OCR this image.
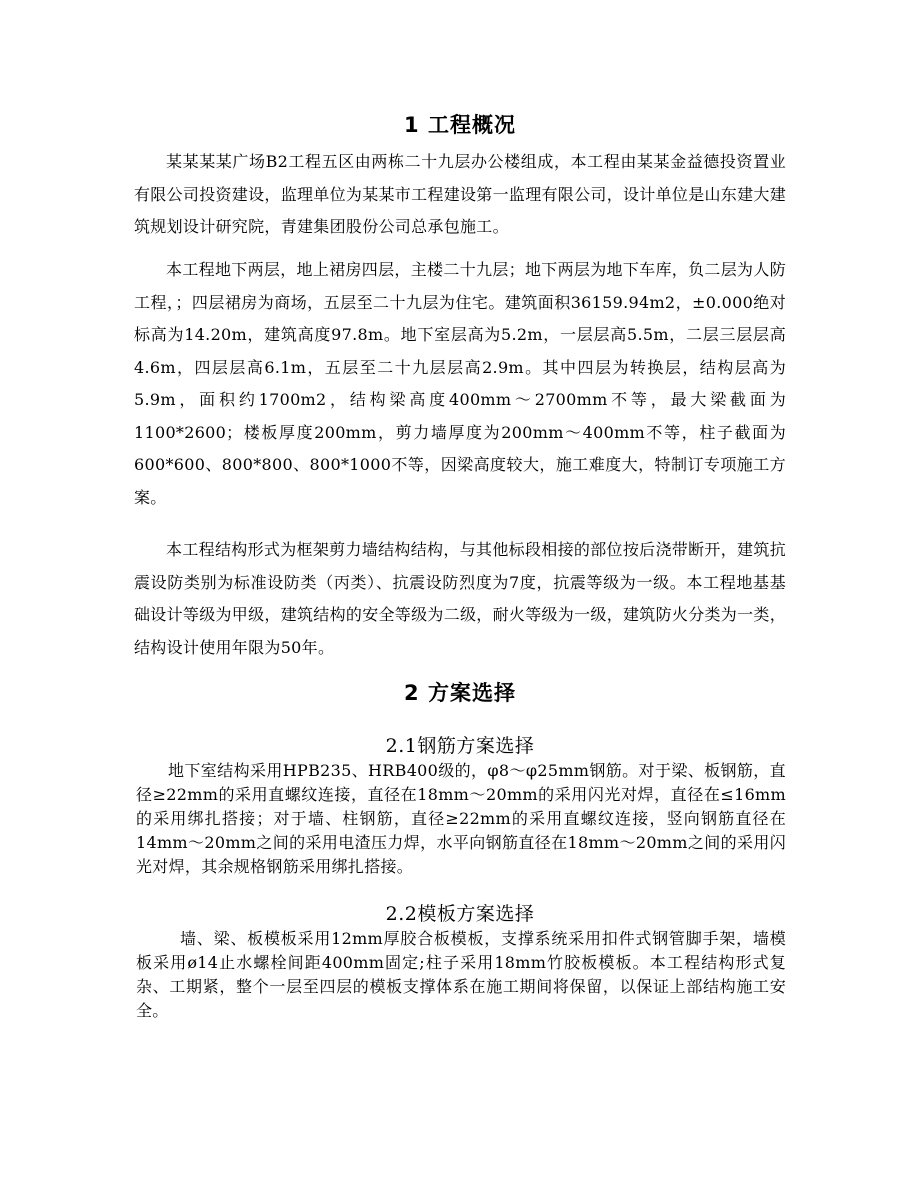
1 工程概况
某某某某广场B2工程五区由两栋二十九层办公楼组成，本工程由某某金益德投资置业有限公司投资建设，监理单位为某某市工程建设第一监理有限公司，设计单位是山东建大建筑规划设计研究院，青建集团股份公司总承包施工。
本工程地下两层，地上裙房四层，主楼二十九层；地下两层为地下车库，负二层为人防工程，；四层裙房为商场，五层至二十九层为住宅。建筑面积36159.94m2，±0.000绝对标高为14.20m，建筑高度97.8m。地下室层高为5.2m，一层层高5.5m，二层三层层高4.6m，四层层高6.1m，五层至二十九层层高2.9m。其中四层为转换层，结构层高为5.9m，面积约1700m2，结构梁高度400mm～2700mm不等，最大梁截面为1100*2600；楼板厚度200mm，剪力墙厚度为200mm～400mm不等，柱子截面为600*600、800*800、800*1000不等，因梁高度较大，施工难度大，特制订专项施工方案。
本工程结构形式为框架剪力墙结构结构，与其他标段相接的部位按后浇带断开，建筑抗震设防类别为标准设防类（丙类）、抗震设防烈度为7度，抗震等级为一级。本工程地基基础设计等级为甲级，建筑结构的安全等级为二级，耐火等级为一级，建筑防火分类为一类，结构设计使用年限为50年。
2 方案选择
2.1钢筋方案选择
地下室结构采用HPB235、HRB400级的，φ8～φ25mm钢筋。对于梁、板钢筋，直径≥22mm的采用直螺纹连接，直径在18mm～20mm的采用闪光对焊，直径在≤16mm的采用绑扎搭接；对于墙、柱钢筋，直径≥22mm的采用直螺纹连接，竖向钢筋直径在14mm～20mm之间的采用电渣压力焊，水平向钢筋直径在18mm～20mm之间的采用闪光对焊，其余规格钢筋采用绑扎搭接。
2.2模板方案选择
墙、梁、板模板采用12mm厚胶合板模板，支撑系统采用扣件式钢管脚手架，墙模板采用ø14止水螺栓间距400mm固定;柱子采用18mm竹胶板模板。本工程结构形式复杂、工期紧，整个一层至四层的模板支撑体系在施工期间将保留，以保证上部结构施工安全。
